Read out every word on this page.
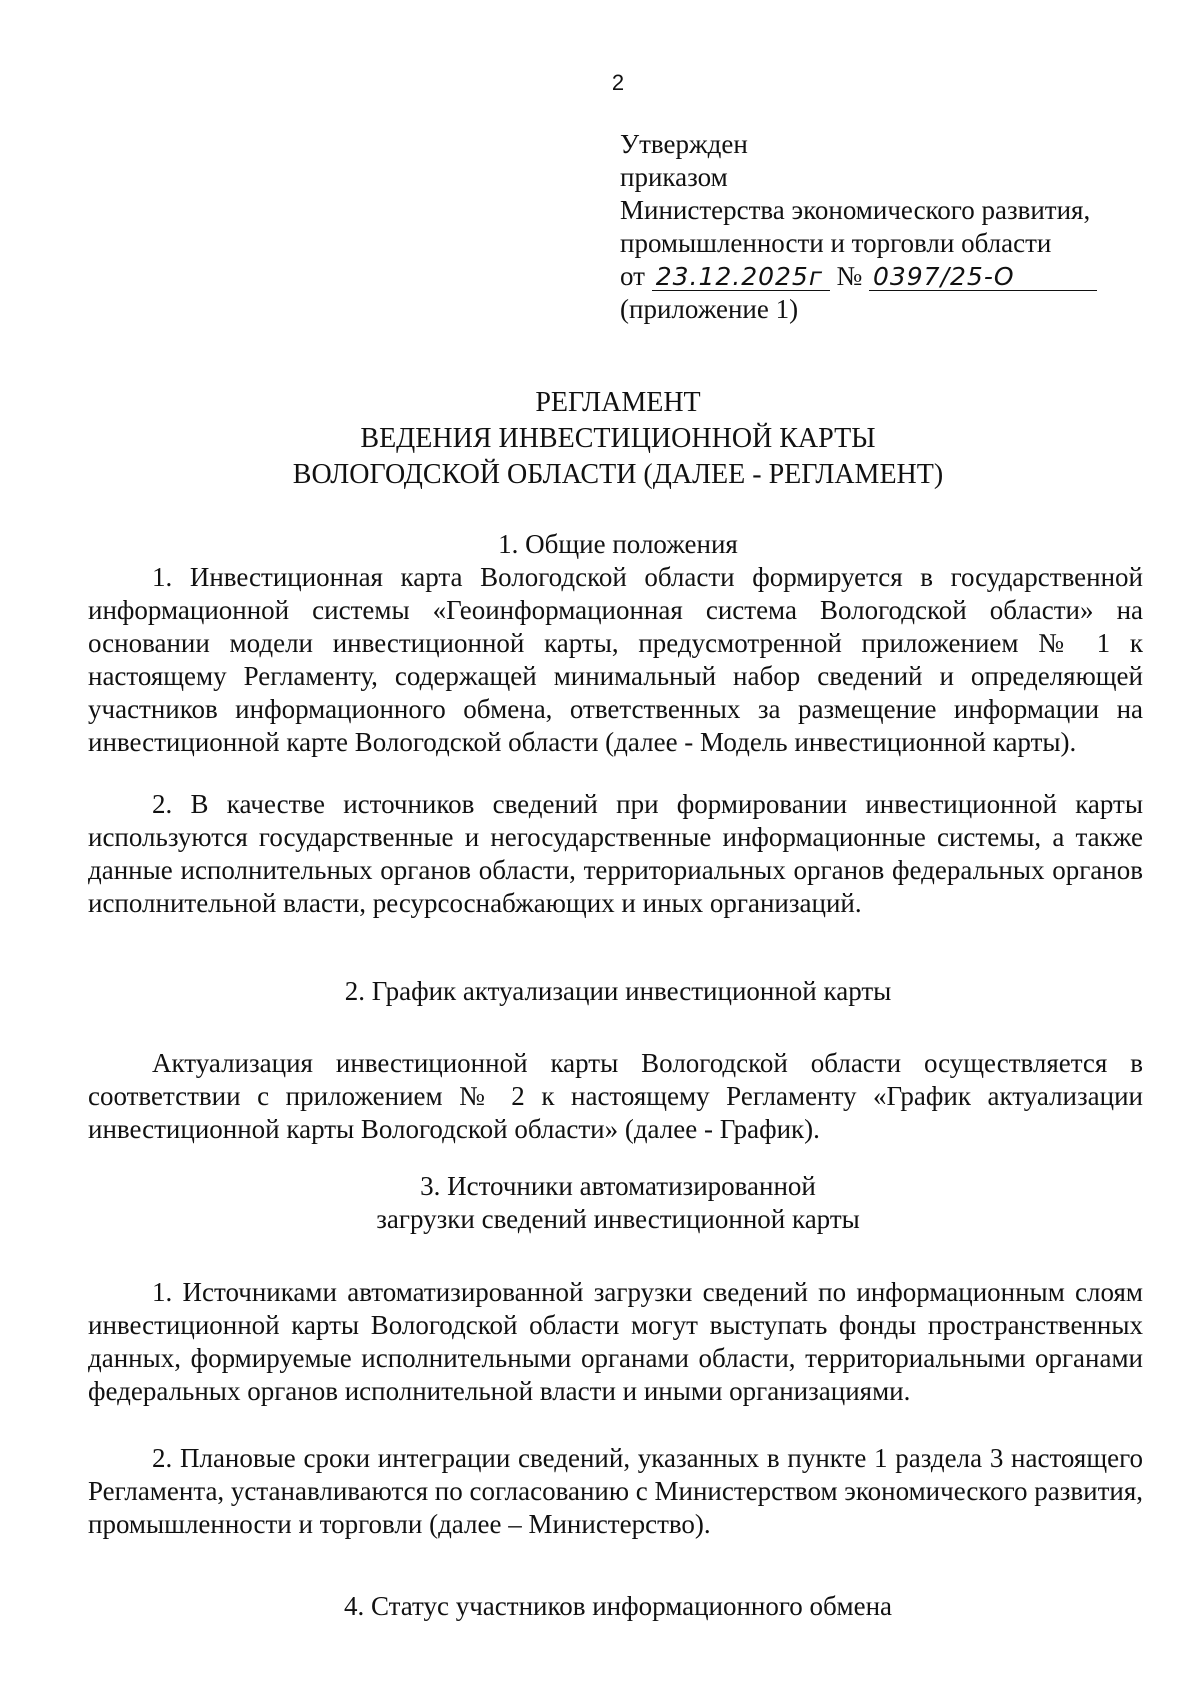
2
Утвержден
приказом
Министерства экономического развития,
промышленности и торговли области
от 23.12.2025г № 0397/25-О
(приложение 1)
РЕГЛАМЕНТ
ВЕДЕНИЯ ИНВЕСТИЦИОННОЙ КАРТЫ
ВОЛОГОДСКОЙ ОБЛАСТИ (ДАЛЕЕ - РЕГЛАМЕНТ)
1. Общие положения
1. Инвестиционная карта Вологодской области формируется в государственной информационной системы «Геоинформационная система Вологодской области» на основании модели инвестиционной карты, предусмотренной приложением № 1 к настоящему Регламенту, содержащей минимальный набор сведений и определяющей участников информационного обмена, ответственных за размещение информации на инвестиционной карте Вологодской области (далее - Модель инвестиционной карты).
2. В качестве источников сведений при формировании инвестиционной карты используются государственные и негосударственные информационные системы, а также данные исполнительных органов области, территориальных органов федеральных органов исполнительной власти, ресурсоснабжающих и иных организаций.
2. График актуализации инвестиционной карты
Актуализация инвестиционной карты Вологодской области осуществляется в соответствии с приложением № 2 к настоящему Регламенту «График актуализации инвестиционной карты Вологодской области» (далее - График).
3. Источники автоматизированной
загрузки сведений инвестиционной карты
1. Источниками автоматизированной загрузки сведений по информационным слоям инвестиционной карты Вологодской области могут выступать фонды пространственных данных, формируемые исполнительными органами области, территориальными органами федеральных органов исполнительной власти и иными организациями.
2. Плановые сроки интеграции сведений, указанных в пункте 1 раздела 3 настоящего Регламента, устанавливаются по согласованию с Министерством экономического развития, промышленности и торговли (далее – Министерство).
4. Статус участников информационного обмена
